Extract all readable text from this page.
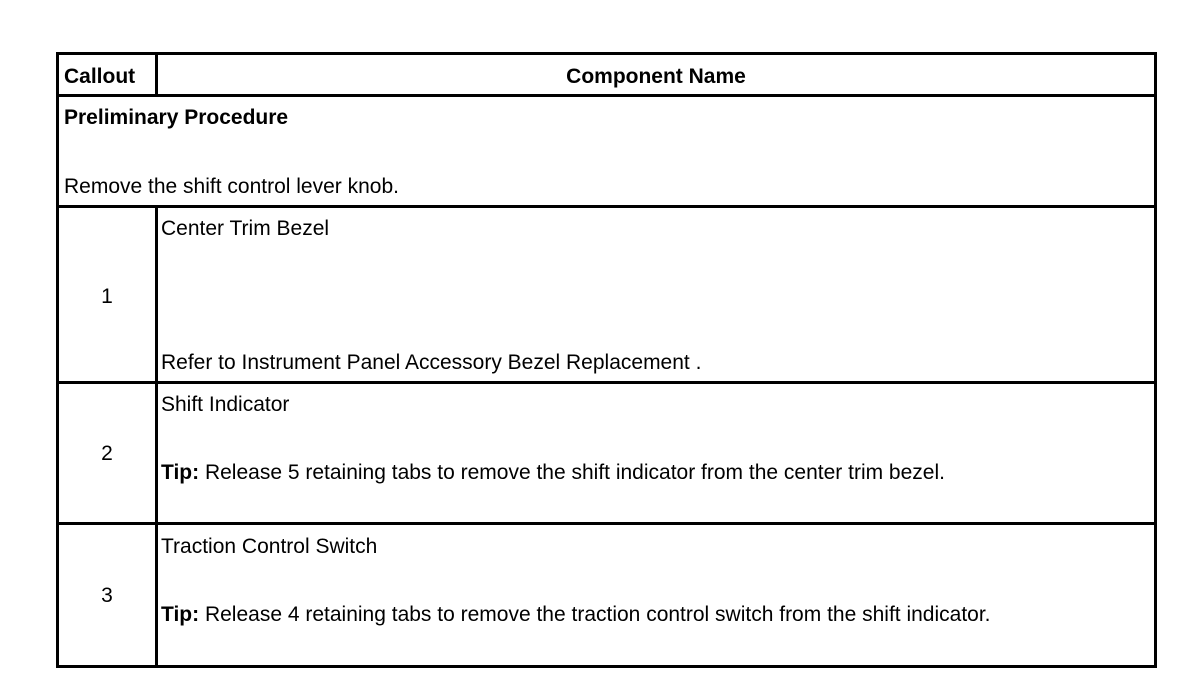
Callout	Component Name
Preliminary Procedure
Remove the shift control lever knob.
1
Center Trim Bezel
Refer to Instrument Panel Accessory Bezel Replacement .
2
Shift Indicator
Tip: Release 5 retaining tabs to remove the shift indicator from the center trim bezel.
3
Traction Control Switch
Tip: Release 4 retaining tabs to remove the traction control switch from the shift indicator.
